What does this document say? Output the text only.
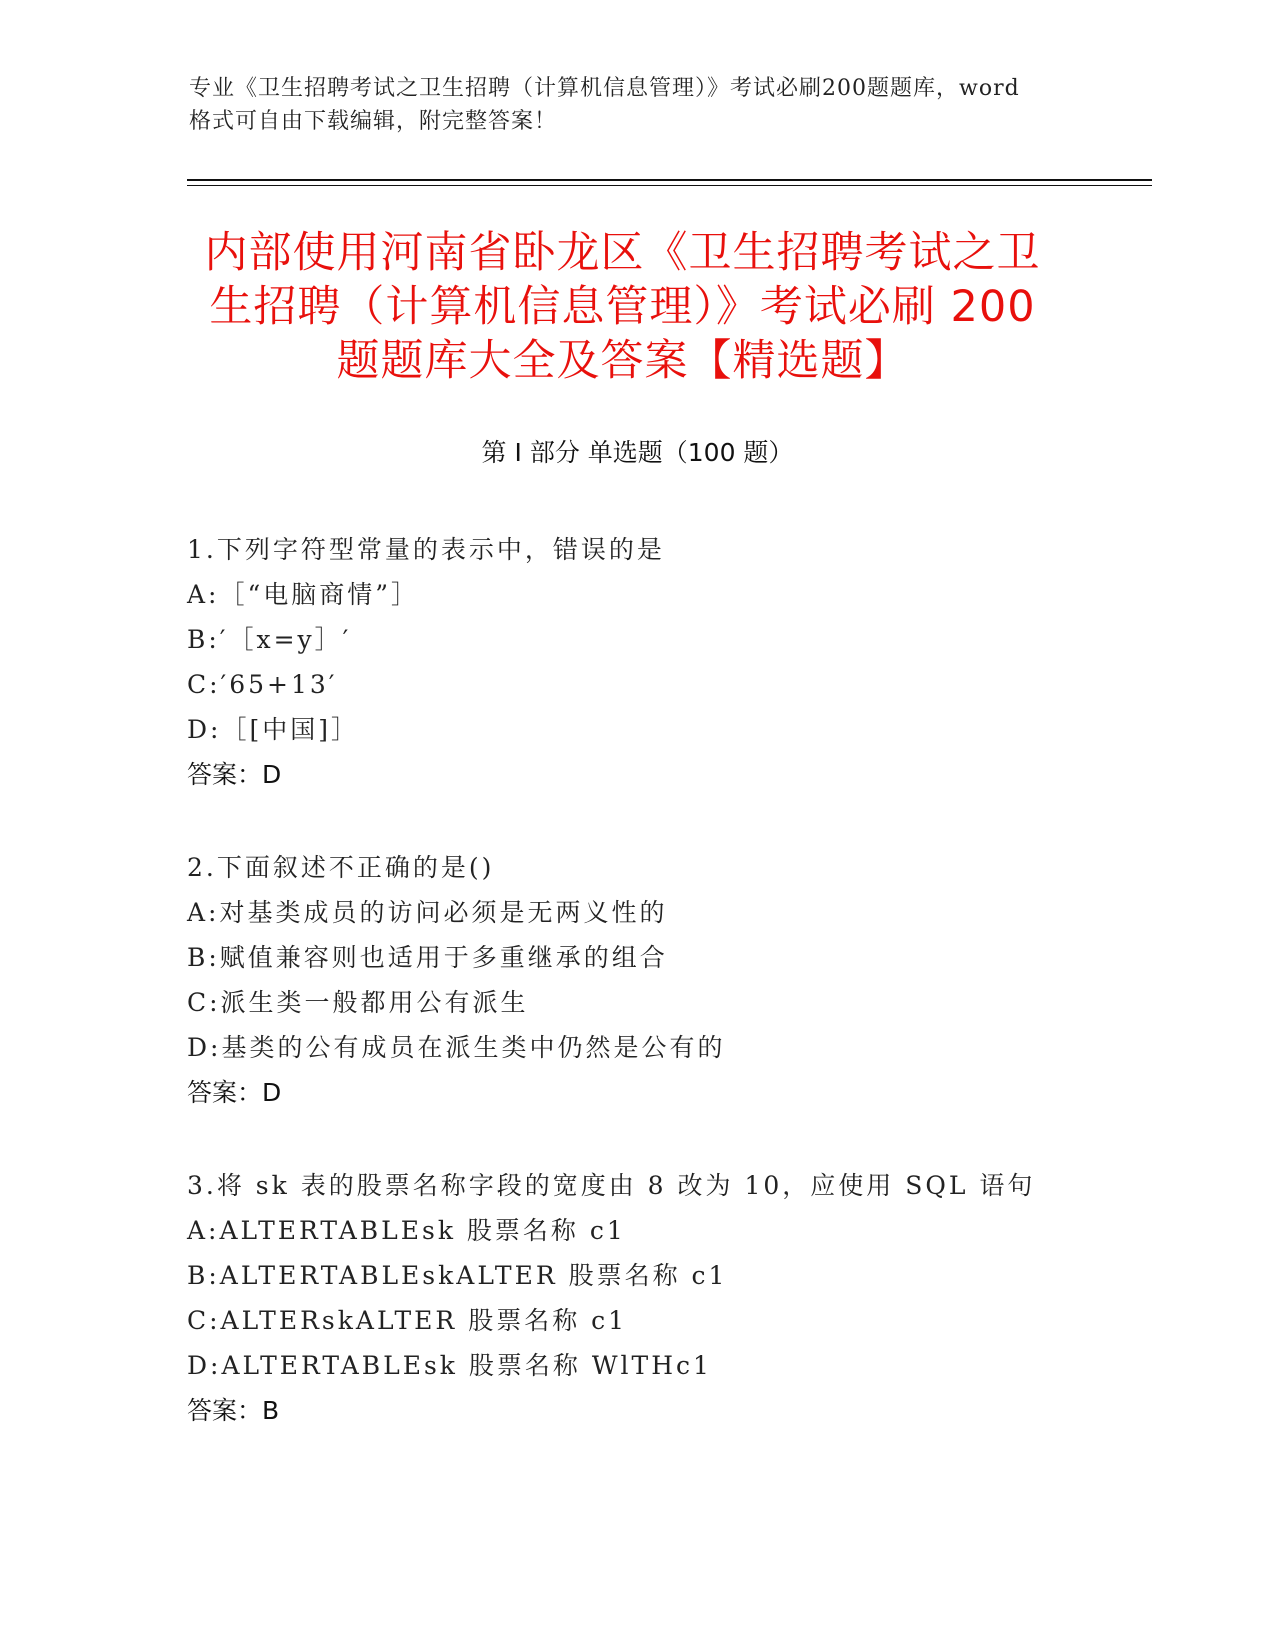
专业《卫生招聘考试之卫生招聘（计算机信息管理）》考试必刷200题题库，word
格式可自由下载编辑，附完整答案！
内部使用河南省卧龙区《卫生招聘考试之卫
生招聘（计算机信息管理）》考试必刷 200
题题库大全及答案【精选题】
第 I 部分 单选题（100 题）
1.下列字符型常量的表示中，错误的是
A:［“电脑商情”］
B:′［x=y］′
C:′65+13′
D:［[中国]］
答案：D
2.下面叙述不正确的是()
A:对基类成员的访问必须是无两义性的
B:赋值兼容则也适用于多重继承的组合
C:派生类一般都用公有派生
D:基类的公有成员在派生类中仍然是公有的
答案：D
3.将 sk 表的股票名称字段的宽度由 8 改为 10，应使用 SQL 语句
A:ALTERTABLEsk 股票名称 c1
B:ALTERTABLEskALTER 股票名称 c1
C:ALTERskALTER 股票名称 c1
D:ALTERTABLEsk 股票名称 WlTHc1
答案：B
